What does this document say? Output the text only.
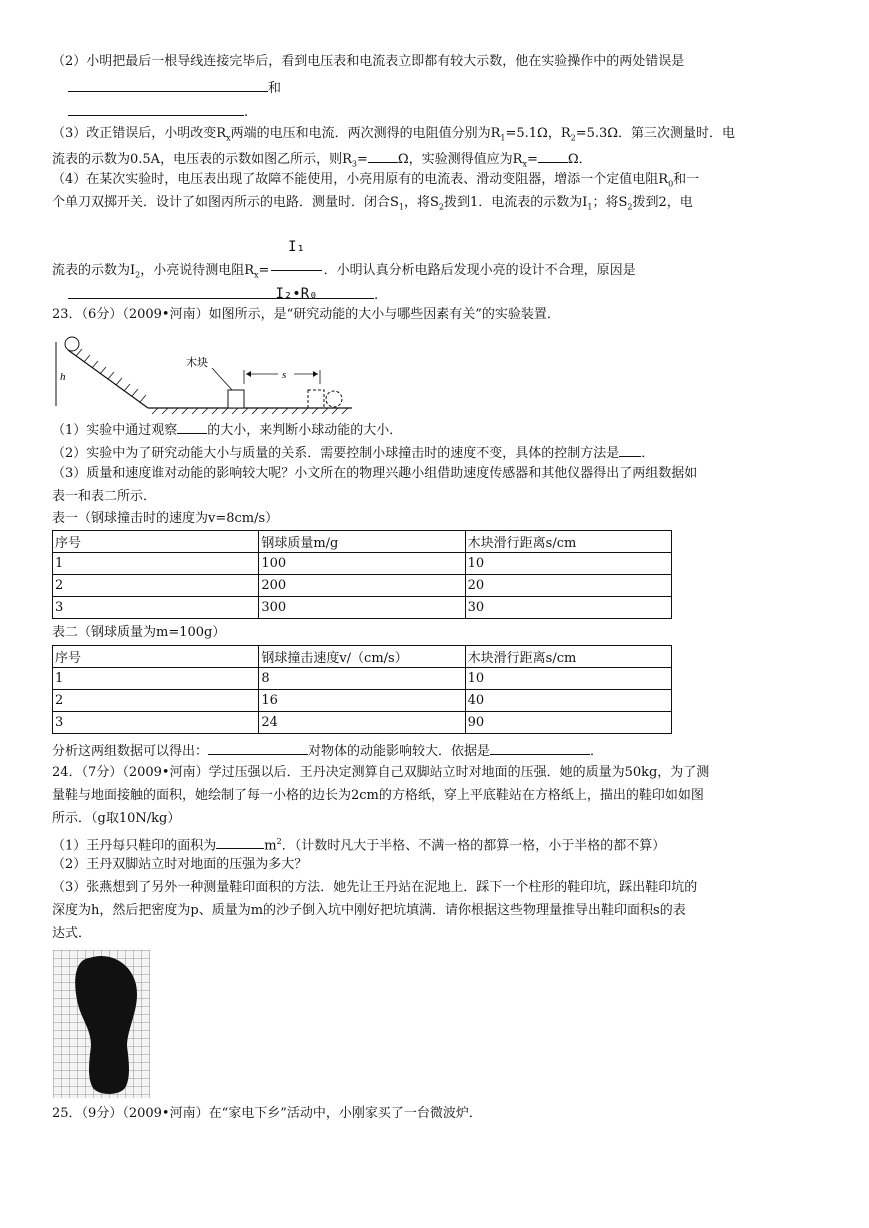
（2）小明把最后一根导线连接完毕后，看到电压表和电流表立即都有较大示数，他在实验操作中的两处错误是
和
.
（3）改正错误后，小明改变$R_x$两端的电压和电流．两次测得的电阻值分别为$R_1=5.1\Omega$，$R_2=5.3\Omega$．第三次测量时．电
流表的示数为0.5A，电压表的示数如图乙所示，则$R_3= \Omega$，实验测得值应为$R_x= \Omega$．
（4）在某次实验时，电压表出现了故障不能使用，小亮用原有的电流表、滑动变阻器，增添一个定值电阻$R_0$和一
个单刀双掷开关．设计了如图丙所示的电路．测量时．闭合$S_1$，将$S_2$拨到1．电流表的示数为$I_1$；将$S_2$拨到2，电
流表的示数为$I_2$，小亮说待测电阻$R_x= \frac{\text{I₁}}{\text{I₂•R₀}}$ ．小明认真分析电路后发现小亮的设计不合理，原因是
.
23．（6分）（2009•河南）如图所示，是“研究动能的大小与哪些因素有关”的实验装置．
h
木块
s
（1）实验中通过观察 的大小，来判断小球动能的大小．
（2）实验中为了研究动能大小与质量的关系．需要控制小球撞击时的速度不变，具体的控制方法是 ．
（3）质量和速度谁对动能的影响较大呢？小文所在的物理兴趣小组借助速度传感器和其他仪器得出了两组数据如
表一和表二所示．
表一（钢球撞击时的速度为v=8cm/s）
序号	钢球质量m/g	木块滑行距离s/cm
1	100	10
2	200	20
3	300	30
表二（钢球质量为m=100g）
序号	钢球撞击速度v/（cm/s）	木块滑行距离s/cm
1	8	10
2	16	40
3	24	90
分析这两组数据可以得出：	对物体的动能影响较大．依据是	．
24．（7分）（2009•河南）学过压强以后．王丹决定测算自己双脚站立时对地面的压强．她的质量为50kg，为了测
量鞋与地面接触的面积，她绘制了每一小格的边长为2cm的方格纸，穿上平底鞋站在方格纸上，描出的鞋印如如图
所示．（g取10N/kg）
（1）王丹每只鞋印的面积为	$m^2$．（计数时凡大于半格、不满一格的都算一格，小于半格的都不算）
（2）王丹双脚站立时对地面的压强为多大？
（3）张燕想到了另外一种测量鞋印面积的方法．她先让王丹站在泥地上．踩下一个柱形的鞋印坑，踩出鞋印坑的
深度为h，然后把密度为p、质量为m的沙子倒入坑中刚好把坑填满．请你根据这些物理量推导出鞋印面积s的表
达式．
25．（9分）（2009•河南）在“家电下乡”活动中，小刚家买了一台微波炉．
